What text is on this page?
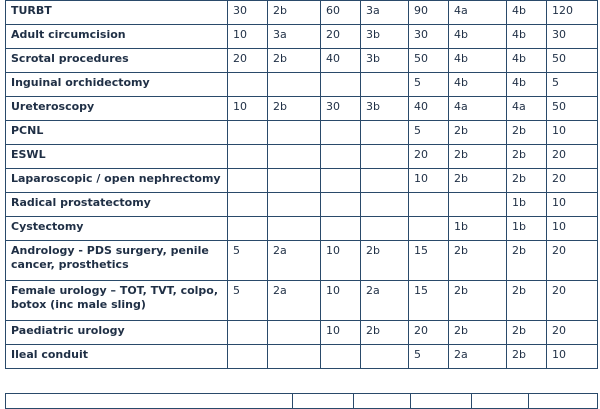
TURBT	30	2b	60	3a	90	4a	4b	120
Adult circumcision	10	3a	20	3b	30	4b	4b	30
Scrotal procedures	20	2b	40	3b	50	4b	4b	50
Inguinal orchidectomy					5	4b	4b	5
Ureteroscopy	10	2b	30	3b	40	4a	4a	50
PCNL					5	2b	2b	10
ESWL					20	2b	2b	20
Laparoscopic / open nephrectomy					10	2b	2b	20
Radical prostatectomy							1b	10
Cystectomy						1b	1b	10
Andrology - PDS surgery, penile cancer, prosthetics	5	2a	10	2b	15	2b	2b	20
Female urology – TOT, TVT, colpo, botox (inc male sling)	5	2a	10	2a	15	2b	2b	20
Paediatric urology			10	2b	20	2b	2b	20
Ileal conduit					5	2a	2b	10
